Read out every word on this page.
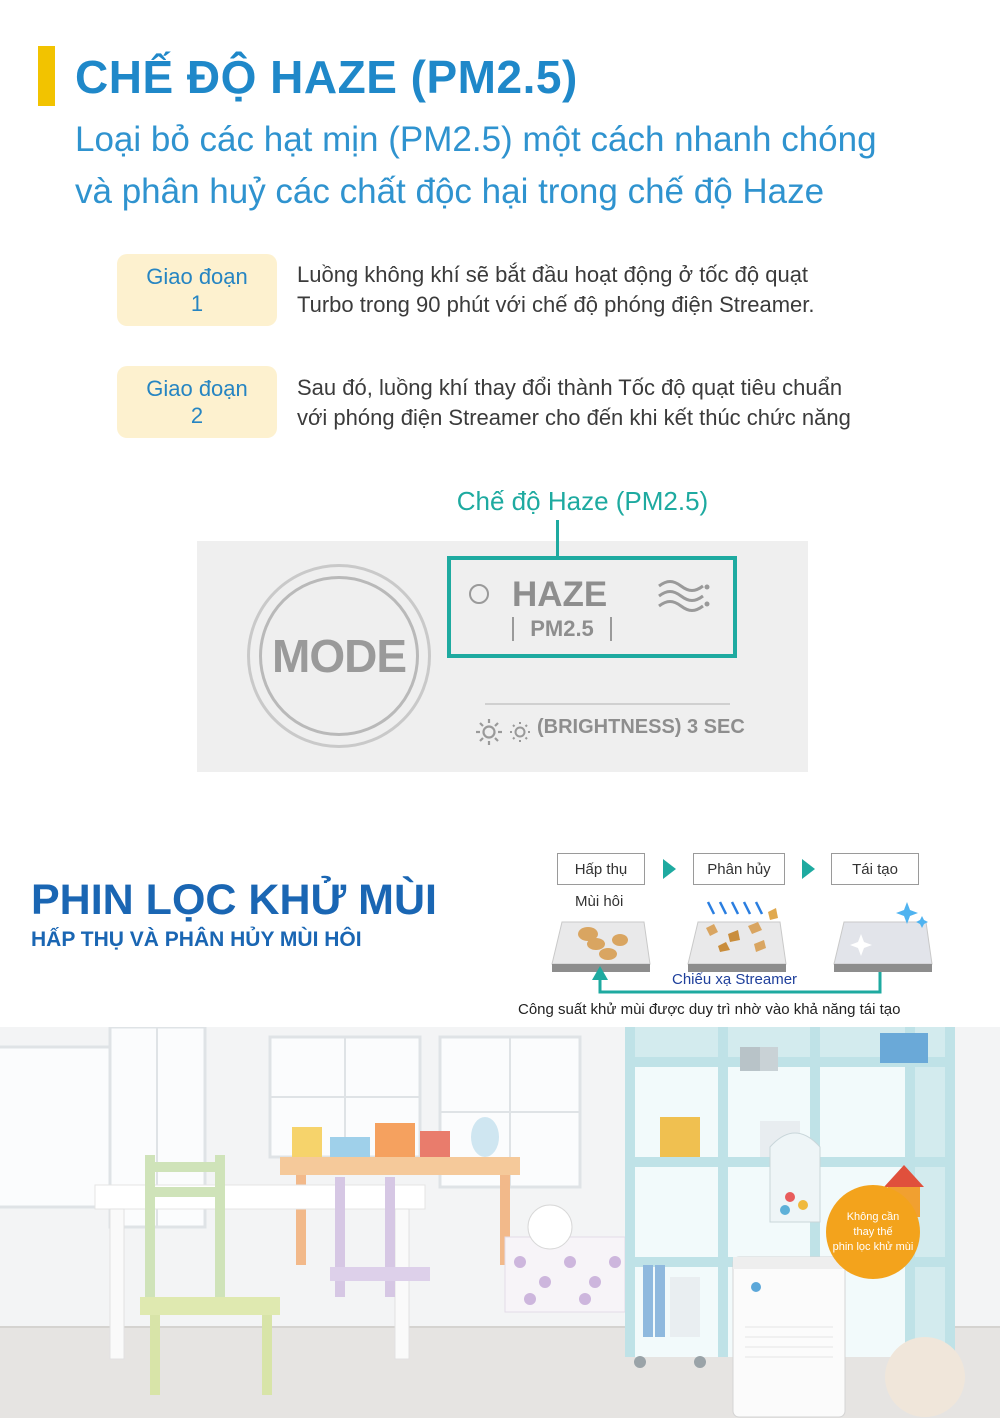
CHẾ ĐỘ HAZE (PM2.5)
Loại bỏ các hạt mịn (PM2.5) một cách nhanh chóng
và phân huỷ các chất độc hại trong chế độ Haze
Giao đoạn
1
Luồng không khí sẽ bắt đầu hoạt động ở tốc độ quạt
Turbo trong 90 phút với chế độ phóng điện Streamer.
Giao đoạn
2
Sau đó, luồng khí thay đổi thành Tốc độ quạt tiêu chuẩn
với phóng điện Streamer cho đến khi kết thúc chức năng
Chế độ Haze (PM2.5)
MODE
HAZE
PM2.5
(BRIGHTNESS) 3 SEC
PHIN LỌC KHỬ MÙI
HẤP THỤ VÀ PHÂN HỦY MÙI HÔI
Hấp thụ	Phân hủy	Tái tạo
Mùi hôi
Chiếu xạ Streamer
Công suất khử mùi được duy trì nhờ vào khả năng tái tạo
Không cần
thay thế
phin lọc khử mùi
